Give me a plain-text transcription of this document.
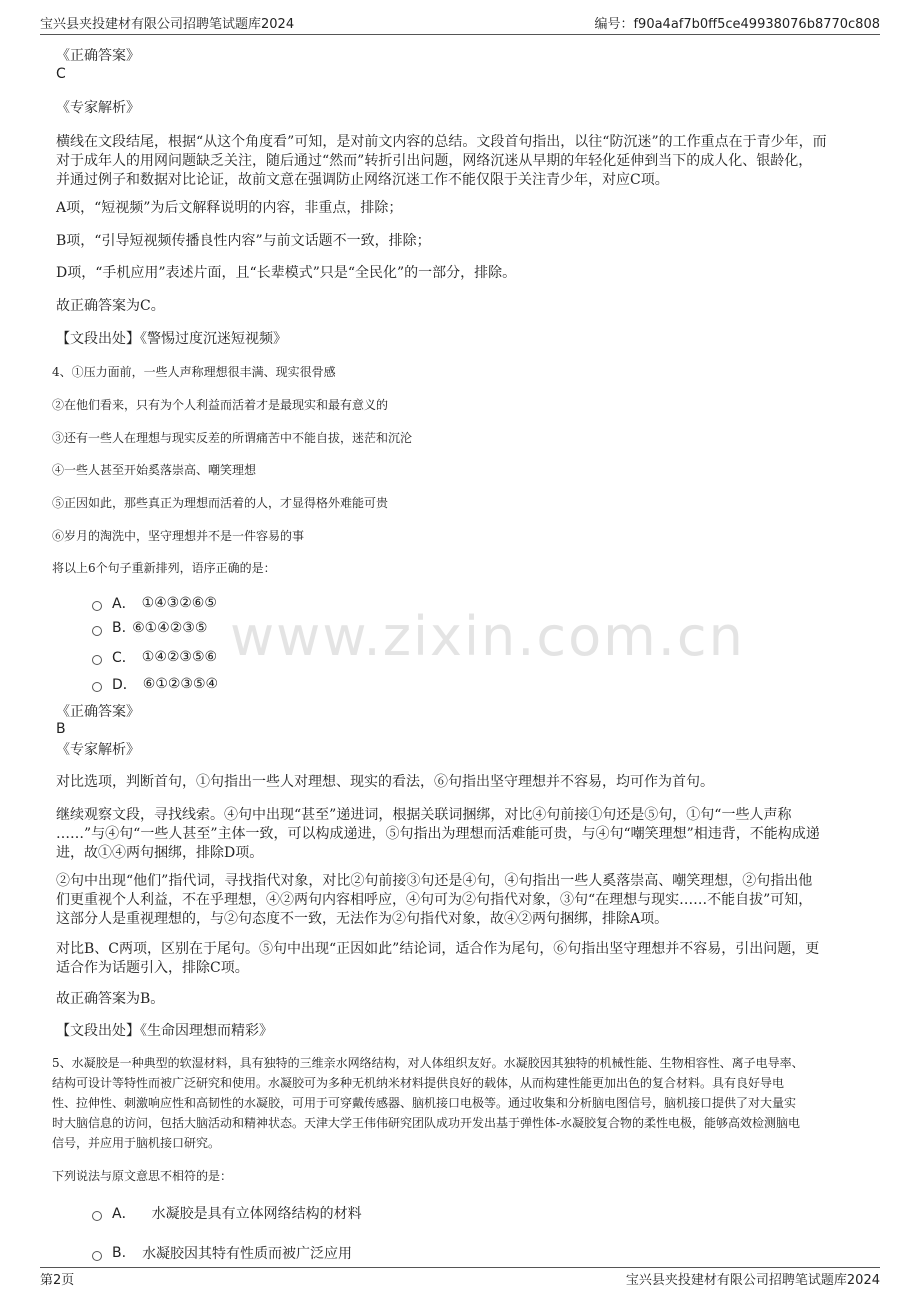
宝兴县夹投建材有限公司招聘笔试题库2024	编号：f90a4af7b0ff5ce49938076b8770c808
www.zixin.com.cn
《正确答案》
C
《专家解析》
横线在文段结尾，根据“从这个角度看”可知，是对前文内容的总结。文段首句指出，以往“防沉迷”的工作重点在于青少年，而
对于成年人的用网问题缺乏关注，随后通过“然而”转折引出问题，网络沉迷从早期的年轻化延伸到当下的成人化、银龄化，
并通过例子和数据对比论证，故前文意在强调防止网络沉迷工作不能仅限于关注青少年，对应C项。
A项，“短视频”为后文解释说明的内容，非重点，排除；
B项，“引导短视频传播良性内容”与前文话题不一致，排除；
D项，“手机应用”表述片面，且“长辈模式”只是“全民化”的一部分，排除。
故正确答案为C。
【文段出处】《警惕过度沉迷短视频》
4、①压力面前，一些人声称理想很丰满、现实很骨感
②在他们看来，只有为个人利益而活着才是最现实和最有意义的
③还有一些人在理想与现实反差的所谓痛苦中不能自拔，迷茫和沉沦
④一些人甚至开始奚落崇高、嘲笑理想
⑤正因如此，那些真正为理想而活着的人，才显得格外难能可贵
⑥岁月的淘洗中，坚守理想并不是一件容易的事
将以上6个句子重新排列，语序正确的是：
A． ①④③②⑥⑤
B. ⑥①④②③⑤
C． ①④②③⑤⑥
D． ⑥①②③⑤④
《正确答案》
B
《专家解析》
对比选项，判断首句，①句指出一些人对理想、现实的看法，⑥句指出坚守理想并不容易，均可作为首句。
继续观察文段，寻找线索。④句中出现“甚至”递进词，根据关联词捆绑，对比④句前接①句还是⑤句，①句“一些人声称
……”与④句“一些人甚至”主体一致，可以构成递进，⑤句指出为理想而活难能可贵，与④句“嘲笑理想”相违背，不能构成递
进，故①④两句捆绑，排除D项。
②句中出现“他们”指代词，寻找指代对象，对比②句前接③句还是④句，④句指出一些人奚落崇高、嘲笑理想，②句指出他
们更重视个人利益，不在乎理想，④②两句内容相呼应，④句可为②句指代对象，③句“在理想与现实……不能自拔”可知，
这部分人是重视理想的，与②句态度不一致，无法作为②句指代对象，故④②两句捆绑，排除A项。
对比B、C两项，区别在于尾句。⑤句中出现“正因如此”结论词，适合作为尾句，⑥句指出坚守理想并不容易，引出问题，更
适合作为话题引入，排除C项。
故正确答案为B。
【文段出处】《生命因理想而精彩》
5、水凝胶是一种典型的软湿材料，具有独特的三维亲水网络结构，对人体组织友好。水凝胶因其独特的机械性能、生物相容性、离子电导率、
结构可设计等特性而被广泛研究和使用。水凝胶可为多种无机纳米材料提供良好的载体，从而构建性能更加出色的复合材料。具有良好导电
性、拉伸性、刺激响应性和高韧性的水凝胶，可用于可穿戴传感器、脑机接口电极等。通过收集和分析脑电图信号，脑机接口提供了对大量实
时大脑信息的访问，包括大脑活动和精神状态。天津大学王伟伟研究团队成功开发出基于弹性体-水凝胶复合物的柔性电极，能够高效检测脑电
信号，并应用于脑机接口研究。
下列说法与原文意思不相符的是：
A． 水凝胶是具有立体网络结构的材料
B. 水凝胶因其特有性质而被广泛应用
第2页	宝兴县夹投建材有限公司招聘笔试题库2024
